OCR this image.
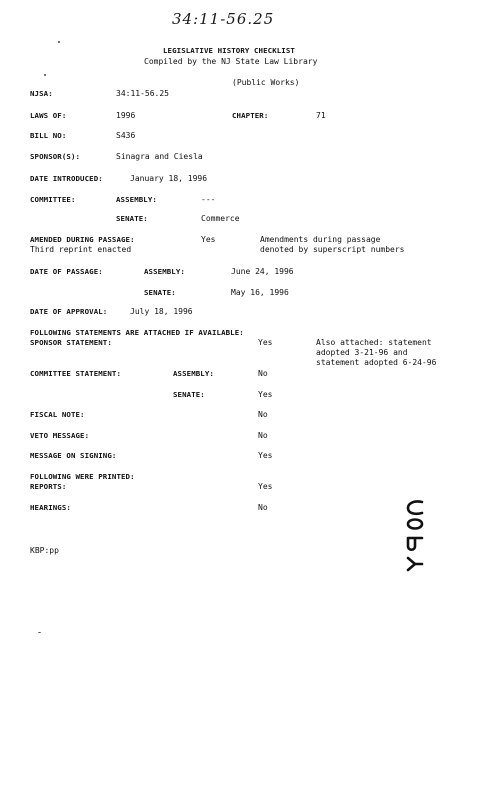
34:11-56.25
LEGISLATIVE HISTORY CHECKLIST
Compiled by the NJ State Law Library
(Public Works)
NJSA:	34:11-56.25
LAWS OF:	1996	CHAPTER:	71
BILL NO:	S436
SPONSOR(S):	Sinagra and Ciesla
DATE INTRODUCED:	January 18, 1996
COMMITTEE:	ASSEMBLY:	---
SENATE:	Commerce
AMENDED DURING PASSAGE:	Yes	Amendments during passage
Third reprint enacted	denoted by superscript numbers
DATE OF PASSAGE:	ASSEMBLY:	June 24, 1996
SENATE:	May 16, 1996
DATE OF APPROVAL:	July 18, 1996
FOLLOWING STATEMENTS ARE ATTACHED IF AVAILABLE:
SPONSOR STATEMENT:	Yes	Also attached: statement
adopted 3-21-96 and
statement adopted 6-24-96
COMMITTEE STATEMENT:	ASSEMBLY:	No
SENATE:	Yes
FISCAL NOTE:	No
VETO MESSAGE:	No
MESSAGE ON SIGNING:	Yes
FOLLOWING WERE PRINTED:
REPORTS:	Yes
HEARINGS:	No
KBP:pp
